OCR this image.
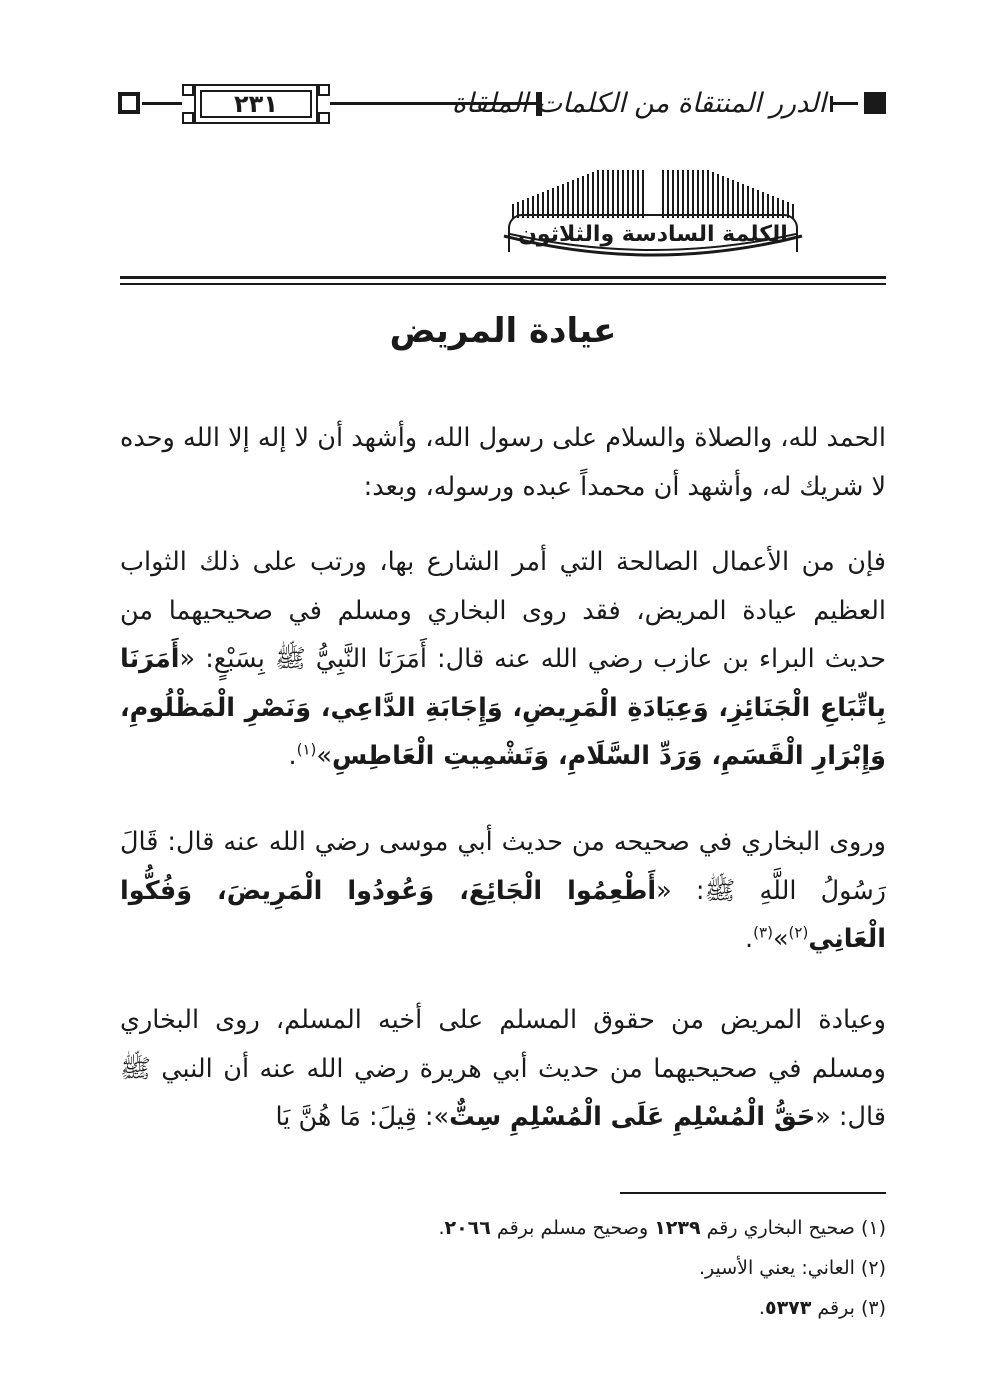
٢٣١	الدرر المنتقاة من الكلمات الملقاة
الكلمة السادسة والثلاثون
عيادة المريض

الحمد لله، والصلاة والسلام على رسول الله، وأشهد أن لا إله إلا الله وحده لا شريك له، وأشهد أن محمداً عبده ورسوله، وبعد:

فإن من الأعمال الصالحة التي أمر الشارع بها، ورتب على ذلك الثواب العظيم عيادة المريض، فقد روى البخاري ومسلم في صحيحيهما من حديث البراء بن عازب رضي الله عنه قال: أَمَرَنَا النَّبِيُّ ﷺ بِسَبْعٍ: «أَمَرَنَا بِاتِّبَاعِ الْجَنَائِزِ، وَعِيَادَةِ الْمَرِيضِ، وَإِجَابَةِ الدَّاعِي، وَنَصْرِ الْمَظْلُومِ، وَإِبْرَارِ الْقَسَمِ، وَرَدِّ السَّلَامِ، وَتَشْمِيتِ الْعَاطِسِ»$^{(١)}$.

وروى البخاري في صحيحه من حديث أبي موسى رضي الله عنه قال: قَالَ رَسُولُ اللَّهِ ﷺ: «أَطْعِمُوا الْجَائِعَ، وَعُودُوا الْمَرِيضَ، وَفُكُّوا الْعَانِي$^{(٢)}$»$^{(٣)}$.

وعيادة المريض من حقوق المسلم على أخيه المسلم، روى البخاري ومسلم في صحيحيهما من حديث أبي هريرة رضي الله عنه أن النبي ﷺ قال: «حَقُّ الْمُسْلِمِ عَلَى الْمُسْلِمِ سِتٌّ»: قِيلَ: مَا هُنَّ يَا

(١) صحيح البخاري رقم ١٢٣٩ وصحيح مسلم برقم ٢٠٦٦.

(٢) العاني: يعني الأسير.

(٣) برقم ٥٣٧٣.
